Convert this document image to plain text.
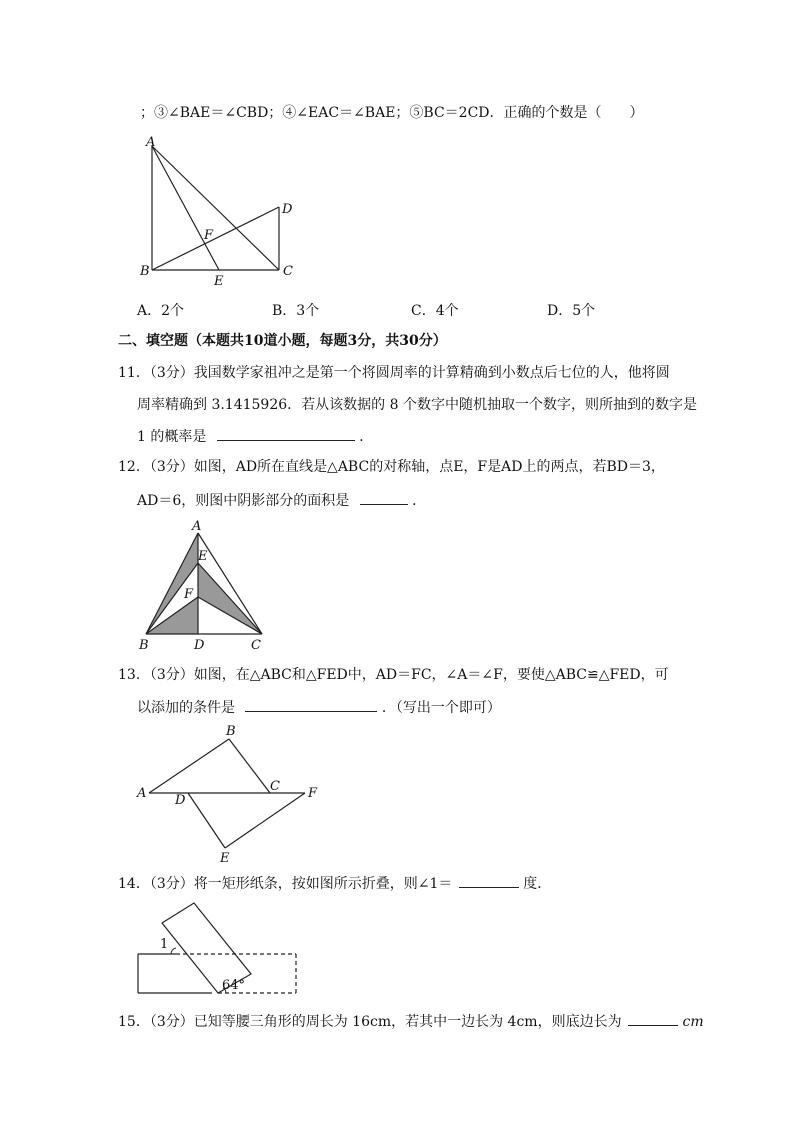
；③∠BAE＝∠CBD；④∠EAC＝∠BAE；⑤BC＝2CD．正确的个数是（　　）
A
B	C
D
E
F
A．2个	B．3个	C．4个	D．5个
二、填空题（本题共10道小题，每题3分，共30分）
11．（3分）我国数学家祖冲之是第一个将圆周率的计算精确到小数点后七位的人，他将圆
周率精确到 3.1415926．若从该数据的 8 个数字中随机抽取一个数字，则所抽到的数字是
1 的概率是	．
12．（3分）如图，AD所在直线是△ABC的对称轴，点E，F是AD上的两点，若BD＝3，
AD＝6，则图中阴影部分的面积是	．
A
E
F
B	D	C
13．（3分）如图，在△ABC和△FED中，AD＝FC，∠A＝∠F，要使△ABC≌△FED，可
以添加的条件是	．（写出一个即可）
A
B
C
D
E
F
14．（3分）将一矩形纸条，按如图所示折叠，则∠1＝	度．
1
64°
15．（3分）已知等腰三角形的周长为 16cm，若其中一边长为 4cm，则底边长为	cm
